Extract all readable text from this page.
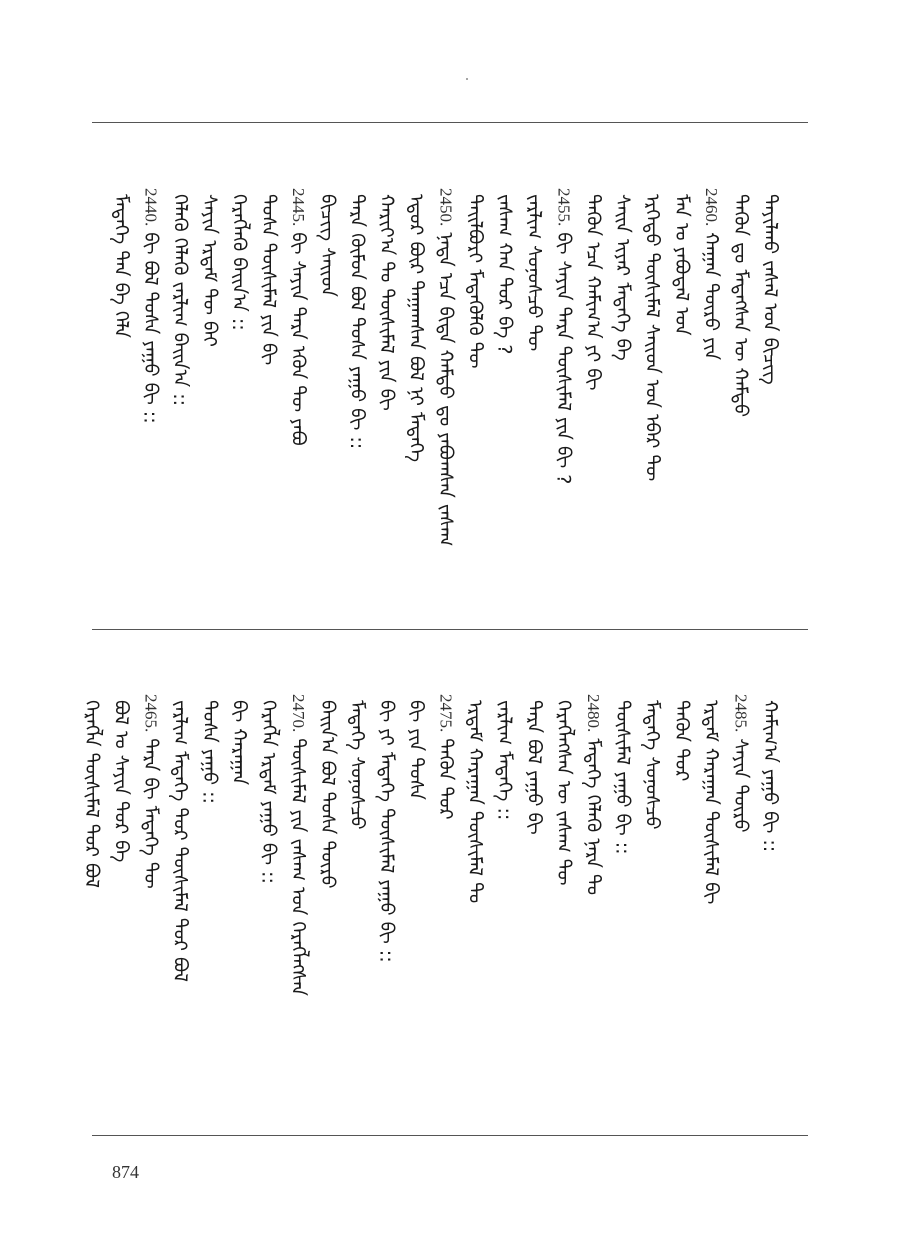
ᠲᠠᠶᠢᠯᠬᠤ ᠵᠠᠰᠠᠯ ᠤᠨ ᠪᠢᠴᠢᠭ
ᠲᠡᠭᠦᠨ ᠳᠤ ᠮᠡᠳᠡᠭᠰᠡᠨ ᠦ ᠬᠠᠮᠲᠤ
2460.ᠬᠠᠭᠠᠨ ᠲᠦᠷᠦ ᠶᠢᠨ
ᠮᠠᠨ ᠤ ᠶᠠᠪᠤᠳᠠᠯ ᠤᠨ
ᠡᠷᠬᠡᠲᠦ ᠲᠦᠰᠢᠮᠡᠯ ᠰᠠᠢᠳ ᠤᠨ ᠡᠪᠡᠷ ᠲᠦ
ᠰᠠᠢᠨ ᠢᠶᠡᠷ ᠮᠡᠳᠡᠭᠡ ᠪᠠ
ᠲᠡᠭᠦᠨ ᠡᠴᠡ ᠬᠠᠮᠢᠭ᠎ᠠ ᠶᠢ ᠪᠢ
2455.ᠪᠢ ᠰᠠᠶᠢᠨ ᠲᠡᠷᠡ ᠲᠦᠰᠢᠮᠡᠯ ᠶᠢᠨ ᠪᠢ ?
ᠵᠠᠷᠯᠢᠭ ᠰᠣᠨᠣᠰᠴᠤ ᠲᠦ
ᠵᠠᠰᠠᠭ ᠬᠠᠨ ᠲᠤᠷ ᠪᠠ ?
ᠲᠠᠢᠯᠪᠤᠷᠢ ᠮᠡᠳᠡᠭᠦᠯᠬᠦ ᠲᠦ
2450.ᠨᠠᠳᠠ ᠡᠴᠡ ᠪᠢᠳᠡ ᠬᠠᠮᠲᠤ ᠳᠤ ᠶᠠᠪᠤᠭᠰᠠᠨ ᠵᠠᠰᠠᠭ
ᠡᠳᠦᠷ ᠪᠦᠷ ᠳᠠᠭᠠᠭᠰᠠᠨ ᠪᠣᠯ ᠨᠢ ᠮᠡᠳᠡᠭᠡ
ᠬᠠᠷᠢᠶ᠎ᠠ ᠲᠤ ᠲᠦᠰᠢᠮᠡᠯ ᠶᠢᠨ ᠪᠢ
ᠲᠡᠷᠡ ᠬᠦᠮᠦᠨ ᠪᠣᠯ ᠲᠤᠰᠠ ᠶᠠᠭᠤ ᠪᠢ ::
ᠪᠢᠴᠢᠭ ᠰᠠᠢᠳ
2445.ᠪᠢ ᠰᠠᠶᠢᠨ ᠲᠡᠷᠡ ᠡᠭᠦᠨ ᠲᠦ ᠶᠠᠪᠤ
ᠲᠤᠰᠠ ᠲᠦᠰᠢᠮᠡᠯ ᠶᠢᠨ ᠪᠢ
ᠬᠡᠷᠡᠭᠯᠡᠬᠦ ᠪᠠᠢᠨ᠎ᠠ ::
ᠰᠠᠶᠢᠨ ᠡᠷᠳᠡᠮ ᠲᠦ ᠪᠠᠢ
ᠬᠡᠯᠡᠬᠦ ᠬᠡᠯᠡᠬᠦ ᠵᠠᠷᠯᠢᠭ ᠪᠠᠢᠨ᠎ᠠ ::
2440.ᠪᠢ ᠪᠣᠯ ᠲᠤᠰᠠ ᠶᠠᠭᠤ ᠪᠢ ::
ᠮᠡᠳᠡᠭᠡ ᠲᠠᠨ ᠪᠠ ᠬᠡᠯᠡ
ᠬᠠᠮᠢᠭ᠎ᠠ ᠶᠠᠭᠤ ᠪᠢ ::
2485.ᠰᠠᠶᠢᠨ ᠲᠦᠷᠦ
ᠡᠷᠳᠡᠮ ᠬᠠᠷᠠᠭᠠᠨ ᠲᠦᠰᠢᠮᠡᠯ ᠪᠢ
ᠲᠡᠭᠦᠨ ᠲᠤᠷ
ᠮᠡᠳᠡᠭᠡ ᠰᠣᠨᠣᠰᠴᠤ
ᠲᠦᠰᠢᠮᠡᠯ ᠶᠠᠭᠤ ᠪᠢ ::
2480.ᠮᠡᠳᠡᠭᠡ ᠬᠡᠯᠡᠬᠦ ᠨᠡᠷᠡ ᠲᠤ
ᠬᠡᠷᠡᠭᠯᠡᠭᠰᠡᠨ ᠦ ᠵᠠᠰᠠᠭ ᠲᠦ
ᠲᠡᠷᠡ ᠪᠣᠯ ᠶᠠᠭᠤ ᠪᠢ
ᠵᠠᠷᠯᠢᠭ ᠮᠡᠳᠡᠭᠡ ::
ᠡᠷᠳᠡᠮ ᠬᠠᠷᠠᠭᠠᠨ ᠲᠦᠰᠢᠮᠡᠯ ᠲᠤ
2475.ᠲᠡᠭᠦᠨ ᠲᠤᠷ
ᠪᠢ ᠶᠢᠨ ᠲᠤᠰᠠ
ᠪᠢ ᠶᠢ ᠮᠡᠳᠡᠭᠡ ᠲᠦᠰᠢᠮᠡᠯ ᠶᠠᠭᠤ ᠪᠢ ::
ᠮᠡᠳᠡᠭᠡ ᠰᠣᠨᠣᠰᠴᠤ
ᠪᠠᠢᠨ᠎ᠠ ᠪᠣᠯ ᠲᠤᠰᠠ ᠲᠦᠷᠦ
2470.ᠲᠦᠰᠢᠮᠡᠯ ᠶᠢᠨ ᠵᠠᠰᠠᠭ ᠤᠨ ᠬᠡᠷᠡᠭᠯᠡᠭᠰᠡᠨ
ᠬᠡᠷᠡᠭᠯᠡ ᠡᠷᠳᠡᠮ ᠶᠠᠭᠤ ᠪᠢ ::
ᠪᠢ ᠬᠠᠷᠠᠭᠠᠨ
ᠲᠤᠰᠠ ᠶᠠᠭᠤ ::
ᠵᠠᠷᠯᠢᠭ ᠮᠡᠳᠡᠭᠡ ᠲᠤᠷ ᠲᠦᠰᠢᠮᠡᠯ ᠲᠤᠷ ᠪᠣᠯ
2465.ᠲᠡᠷᠡ ᠪᠢ ᠮᠡᠳᠡᠭᠡ ᠲᠦ
ᠪᠣᠯ ᠤ ᠰᠠᠶᠢᠨ ᠲᠤᠷ ᠪᠠ
ᠬᠡᠷᠡᠭᠯᠡ ᠲᠦᠰᠢᠮᠡᠯ ᠲᠤᠷ ᠪᠣᠯ
874
